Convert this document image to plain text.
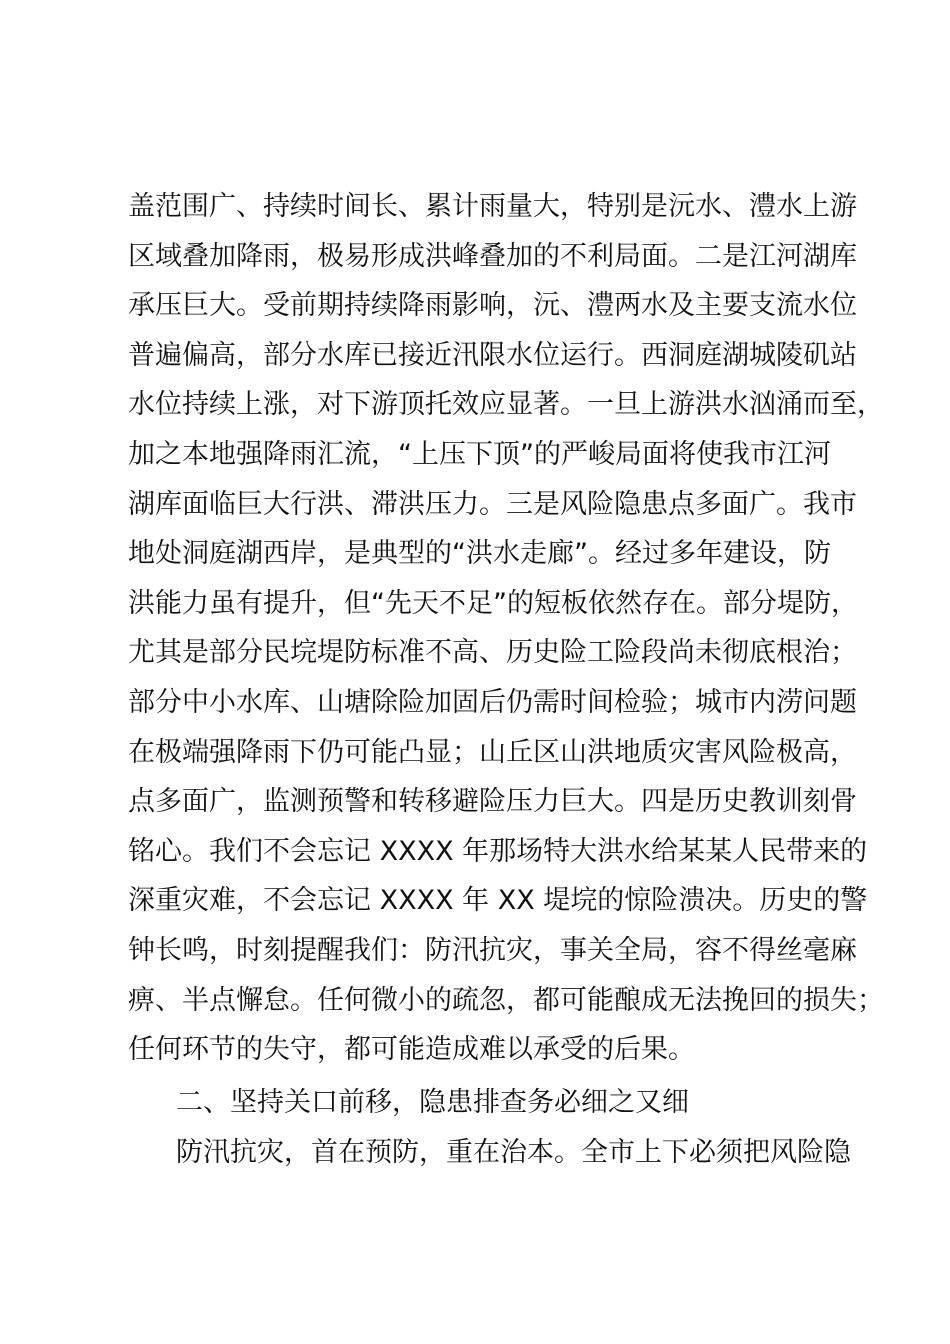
盖范围广、持续时间长、累计雨量大，特别是沅水、澧水上游
区域叠加降雨，极易形成洪峰叠加的不利局面。二是江河湖库
承压巨大。受前期持续降雨影响，沅、澧两水及主要支流水位
普遍偏高，部分水库已接近汛限水位运行。西洞庭湖城陵矶站
水位持续上涨，对下游顶托效应显著。一旦上游洪水汹涌而至，
加之本地强降雨汇流，“上压下顶”的严峻局面将使我市江河
湖库面临巨大行洪、滞洪压力。三是风险隐患点多面广。我市
地处洞庭湖西岸，是典型的“洪水走廊”。经过多年建设，防
洪能力虽有提升，但“先天不足”的短板依然存在。部分堤防，
尤其是部分民垸堤防标准不高、历史险工险段尚未彻底根治；
部分中小水库、山塘除险加固后仍需时间检验；城市内涝问题
在极端强降雨下仍可能凸显；山丘区山洪地质灾害风险极高，
点多面广，监测预警和转移避险压力巨大。四是历史教训刻骨
铭心。我们不会忘记 XXXX 年那场特大洪水给某某人民带来的
深重灾难，不会忘记 XXXX 年 XX 堤垸的惊险溃决。历史的警
钟长鸣，时刻提醒我们：防汛抗灾，事关全局，容不得丝毫麻
痹、半点懈怠。任何微小的疏忽，都可能酿成无法挽回的损失；
任何环节的失守，都可能造成难以承受的后果。
二、坚持关口前移，隐患排查务必细之又细
防汛抗灾，首在预防，重在治本。全市上下必须把风险隐
